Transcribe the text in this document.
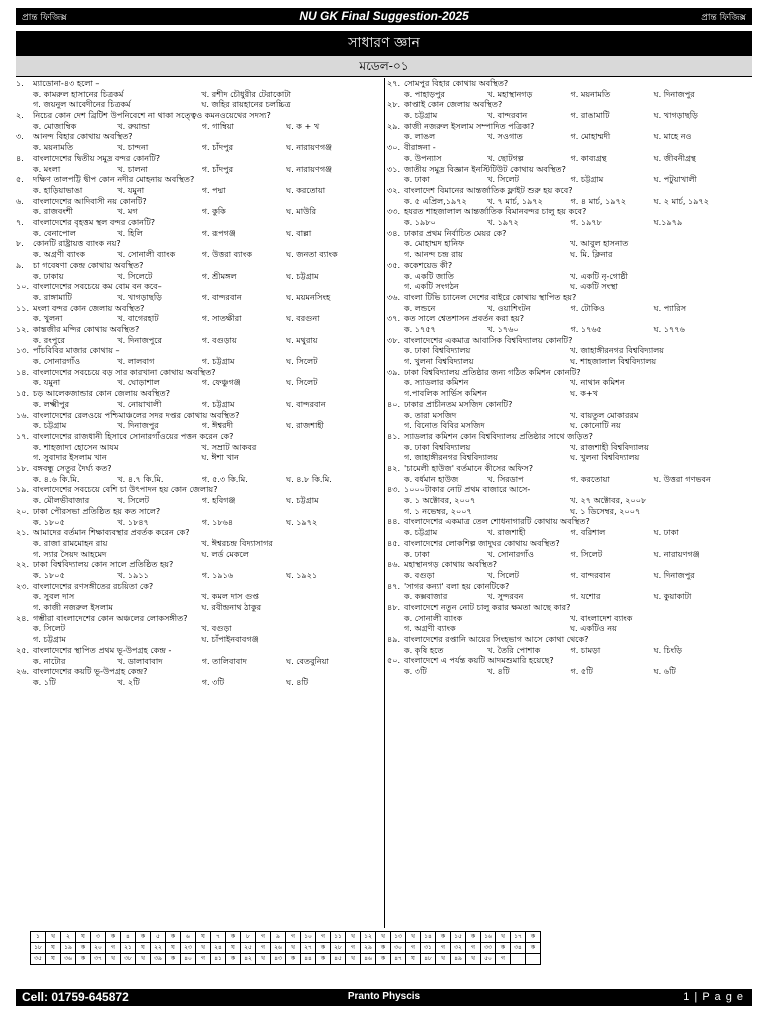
প্রান্ত ফিজিক্স	NU GK Final Suggestion-2025	প্রান্ত ফিজিক্স
সাধারণ জ্ঞান
মডেল-০১
১. ম্যাডোনা-৪৩ হলো –
ক. কামরুল হাসানের চিত্রকর্ম	খ. রশীদ চৌধুরীর টেরাকোটা
গ. জয়নুল আবেদীনের চিত্রকর্ম	ঘ. জহির রায়হানের চলচ্চিত্র
২. নিচের কোন দেশ ব্রিটিশ উপনিবেশে না থাকা সত্ত্বেও কমনওয়েথের সদস্য?
ক. মোজাম্বিক	খ. রুয়ান্ডা	গ. গাম্বিয়া	ঘ. ক + খ
৩. আনন্দ বিহার কোথায় অবস্থিত?
ক. ময়নামতি	খ. চান্দনা	গ. চাঁদপুর	ঘ. নারায়ণগঞ্জ
৪. বাংলাদেশের দ্বিতীয় সমুদ্র বন্দর কোনটি?
ক. মংলা	খ. চালনা	গ. চাঁদপুর	ঘ. নারায়ণগঞ্জ
৫. দক্ষিণ তালপট্টি দ্বীপ কোন নদীর মোহনায় অবস্থিত?
ক. হাড়িয়াভাঙা	খ. যমুনা	গ. পদ্মা	ঘ. করতোয়া
৬. বাংলাদেশের আদিবাসী নয় কোনটি?
ক. রাজবংশী	খ. মগ	গ. কুকি	ঘ. মাউরি
৭. বাংলাদেশের বৃহত্তম স্থল বন্দর কোনটি?
ক. বেনাপোল	খ. হিলি	গ. রূপগঞ্জ	ঘ. বাল্লা
৮. কোনটি রাষ্ট্রায়ত্ত ব্যাংক নয়?
ক. অগ্রণী ব্যাংক	খ. সোনালী ব্যাংক	গ. উত্তরা ব্যাংক	ঘ. জনতা ব্যাংক
৯. চা গবেষণা কেন্দ্র কোথায় অবস্থিত?
ক. ঢাকায়	খ. সিলেটে	গ. শ্রীমঙ্গল	ঘ. চট্টগ্রাম
১০. বাংলাদেশের সবচেয়ে কম বোম বন কবে–
ক. রাঙ্গামাটি	খ. খাগড়াছড়ি	গ. বান্দরবান	ঘ. ময়মনসিংহ
১১. মংলা বন্দর কোন জেলায় অবস্থিত?
ক. খুলনা	খ. বাগেরহাট	গ. সাতক্ষীরা	ঘ. বরগুনা
১২. কান্তজীর মন্দির কোথায় অবস্থিত?
ক. রংপুরে	খ. দিনাজপুরে	গ. বগুড়ায়	ঘ. মথুরায়
১৩. পাঁচবিবির মাজার কোথায় –
ক. সোনারগাঁও	খ. লালবাগ	গ. চট্টগ্রাম	ঘ. সিলেট
১৪. বাংলাদেশের সবচেয়ে বড় সার কারখানা কোথায় অবস্থিত?
ক. যমুনা	খ. ঘোড়াশাল	গ. ফেঞ্চুগঞ্জ	ঘ. সিলেট
১৫. চড় আলেকজান্ডার কোন জেলায় অবস্থিত?
ক. লক্ষ্মীপুর	খ. নোয়াখালী	গ. চট্টগ্রাম	ঘ. বান্দরবান
১৬. বাংলাদেশের রেলওয়ে পশ্চিমাঞ্চলের সদর দপ্তর কোথায় অবস্থিত?
ক. চট্টগ্রাম	খ. দিনাজপুর	গ. ঈশ্বরদী	ঘ. রাজশাহী
১৭. বাংলাদেশের রাজধানী হিসাবে সোনারগাঁওয়ের পত্তন করেন কে?
ক. শাহজাদা হোসেন আযম	খ. সম্রাট আকবর
গ. সুবাদার ইসলাম খান	ঘ. ঈশা খান
১৮. বঙ্গবন্ধু সেতুর দৈর্ঘ্য কত?
ক. ৪.৬ কি.মি.	খ. ৪.৭ কি.মি.	গ. ৫.৩ কি.মি.	ঘ. ৪.৮ কি.মি.
১৯. বাংলাদেশের সবচেয়ে বেশি চা উৎপাদন হয় কোন জেলায়?
ক. মৌলভীবাজার	খ. সিলেট	গ. হবিগঞ্জ	ঘ. চট্টগ্রাম
২০. ঢাকা পৌরসভা প্রতিষ্ঠিত হয় কত সালে?
ক. ১৮০৫	খ. ১৮৪৭	গ. ১৮৬৪	ঘ. ১৯৭২
২১. আমাদের বর্তমান শিক্ষাব্যবস্থার প্রবর্তক করেন কে?
ক. রাজা রামমোহন রায়	খ. ঈশ্বরচন্দ্র বিদ্যাসাগর
গ. স্যার সৈয়দ আহমেদ	ঘ. লর্ড মেকলে
২২. ঢাকা বিশ্ববিদ্যালয় কোন সালে প্রতিষ্ঠিত হয়?
ক. ১৮০৫	খ. ১৯১১	গ. ১৯১৬	ঘ. ১৯২১
২৩. বাংলাদেশের রণসঙ্গীতের রচয়িতা কে?
ক. সুবল দাস	খ. কমল দাস গুপ্ত
গ. কাজী নজরুল ইসলাম	ঘ. রবীন্দ্রনাথ ঠাকুর
২৪. গম্ভীরা বাংলাদেশের কোন অঞ্চলের লোকসঙ্গীত?
ক. সিলেট	খ. বগুড়া
গ. চট্টগ্রাম	ঘ. চাঁপাইনবাবগঞ্জ
২৫. বাংলাদেশের স্থাপিত প্রথম ভূ-উপগ্রহ কেন্দ্র -
ক. নাটোর	খ. ডালাবাবাদ	গ. তালিবাবাদ	ঘ. বেতবুনিয়া
২৬. বাংলাদেশের কয়টি ভূ-উপগ্রহ কেন্দ্র?
ক. ১টি	খ. ২টি	গ. ৩টি	ঘ. ৪টি
২৭. সোমপুর বিহার কোথায় অবস্থিত?
ক. পাহাড়পুর	খ. মহাস্থানগড়	গ. ময়নামতি	ঘ. দিনাজপুর
২৮. কাপ্তাই কোন জেলায় অবস্থিত?
ক. চট্টগ্রাম	খ. বান্দরবান	গ. রাঙামাটি	ঘ. খাগড়াছড়ি
২৯. কাজী নজরুল ইসলাম সম্পাদিত পত্রিকা?
ক. লাঙল	খ. সওগাত	গ. মোহাম্মদী	ঘ. মাহে নও
৩০. বীরাঙ্গনা -
ক. উপন্যাস	খ. ছোটগল্প	গ. কাব্যগ্রন্থ	ঘ. জীবনীগ্রন্থ
৩১. জাতীয় সমুদ্র বিজ্ঞান ইনস্টিটিউট কোথায় অবস্থিত?
ক. ঢাকা	খ. সিলেট	গ. চট্টগ্রাম	ঘ. পটুয়াখালী
৩২. বাংলাদেশ বিমানের আন্তর্জাতিক ফ্লাইট শুরু হয় কবে?
ক. ৫ এপ্রিল,১৯৭২	খ. ৭ মার্চ, ১৯৭২	গ. ৪ মার্চ, ১৯৭২	ঘ. ২ মার্চ, ১৯৭২
৩৩. হযরত শাহজালাল আন্তর্জাতিক বিমানবন্দর চালু হয় কবে?
ক. ১৯৮০	খ. ১৯৭২	গ. ১৯৭৮	ঘ.১৯৭৯
৩৪. ঢাকার প্রথম নির্বাচিত মেয়র কে?
ক. মোহাম্মদ হানিফ	খ. আবুল হাসনাত
গ. আনন্দ চন্দ্র রায়	ঘ. মি. ক্লিনার
৩৫. ককেশয়েড কী?
ক. একটি জাতি	খ. একটি নৃ-গোষ্ঠী
গ. একটি সংগঠন	ঘ. একটি সংস্থা
৩৬. বাংলা টিভি চ্যানেল দেশের বাইরে কোথায় স্থাপিত হয়?
ক. লন্ডনে	খ. ওয়াশিংটন	গ. টোকিও	ঘ. প্যারিস
৩৭. কত সালে শ্বেতশাসন প্রবর্তন করা হয়?
ক. ১৭৫৭	খ. ১৭৬০	গ. ১৭৬৫	ঘ. ১৭৭৬
৩৮. বাংলাদেশের একমাত্র আবাসিক বিশ্ববিদ্যালয় কোনটি?
ক. ঢাকা বিশ্ববিদ্যালয়	খ. জাহাঙ্গীরনগর বিশ্ববিদ্যালয়
গ. খুলনা বিশ্ববিদ্যালয়	ঘ. শাহজালাল বিশ্ববিদ্যালয়
৩৯. ঢাকা বিশ্ববিদ্যালয় প্রতিষ্ঠার জন্য গঠিত কমিশন কোনটি?
ক. স্যাডলার কমিশন	খ. নাথান কমিশন
গ.পাবলিক সার্ভিস কমিশন	ঘ. ক+খ
৪০. ঢাকার প্রাচীনতম মসজিদ কোনটি?
ক. তারা মসজিদ	খ. বায়তুল মোকাররম
গ. বিনোত বিবির মসজিদ	ঘ. কোনোটি নয়
৪১. স্যাডলার কমিশন কোন বিশ্ববিদ্যালয় প্রতিষ্ঠার সাথে জড়িত?
ক. ঢাকা বিশ্ববিদ্যালয়	খ. রাজশাহী বিশ্ববিদ্যালয়
গ. জাহাঙ্গীরনগর বিশ্ববিদ্যালয়	ঘ. খুলনা বিশ্ববিদ্যালয়
৪২. 'চামেলী হাউজ' বর্তমানে কীসের অফিস?
ক. বর্ধমান হাউজ	খ. সিরডাপ	গ. করতোয়া	ঘ. উত্তরা গণভবন
৪৩. ১০০০টাকার নোট প্রথম বাজারে আসে-
ক. ১ অক্টোবর, ২০০৭	খ. ২৭ অক্টোবর, ২০০৮
গ. ১ নভেম্বর, ২০০৭	ঘ. ১ ডিসেম্বর, ২০০৭
৪৪. বাংলাদেশের একমাত্র তেল শোধনাগারটি কোথায় অবস্থিত?
ক. চট্টগ্রাম	খ. রাজশাহী	গ. বরিশাল	ঘ. ঢাকা
৪৫. বাংলাদেশের লোকশিল্প জাদুঘর কোথায় অবস্থিত?
ক. ঢাকা	খ. সোনারগাঁও	গ. সিলেট	ঘ. নারায়ণগঞ্জ
৪৬. মহাস্থানগড় কোথায় অবস্থিত?
ক. বগুড়া	খ. সিলেট	গ. বান্দরবান	ঘ. দিনাজপুর
৪৭. 'সাগর কন্যা' বলা হয় কোনটিকে?
ক. কক্সবাজার	খ. সুন্দরবন	গ. যশোর	ঘ. কুয়াকাটা
৪৮. বাংলাদেশে নতুন নোট চালু করার ক্ষমতা আছে কার?
ক. সোনালী ব্যাংক	খ. বাংলাদেশ ব্যাংক
গ. অগ্রণী ব্যাংক	ঘ. একটিও নয়
৪৯. বাংলাদেশের রপ্তানি আয়ের সিংহভাগ আসে কোথা থেকে?
ক. কৃষি হতে	খ. তৈরি পোশাক	গ. চামড়া	ঘ. চিংড়ি
৫০. বাংলাদেশে এ পর্যন্ত কয়টি আদমশুমারি হয়েছে?
ক. ৩টি	খ. ৪টি	গ. ৫টি	ঘ. ৬টি
১	খ	২	ঘ	৩	ক	৪	ক	৫	ক	৬	ঘ	৭	ক	৮	গ	৯	গ	১০	গ	১১	খ	১২	খ	১৩	খ	১৪	ক	১৫	ক	১৬	খ	১৭	ক
১৮	ঘ	১৯	ক	২০	গ	২১	ঘ	২২	ঘ	২৩	খ	২৪	ঘ	২৫	গ	২৬	খ	২৭	ক	২৮	গ	২৯	ক	৩০	গ	৩১	গ	৩২	গ	৩৩	ক	৩৪	ক
৩৫	ঘ	৩৬	ক	৩৭	খ	৩৮	খ	৩৯	ক	৪০	গ	৪১	ক	৪২	খ	৪৩	ক	৪৪	ক	৪৫	খ	৪৬	ক	৪৭	ঘ	৪৮	খ	৪৯	খ	৫০	গ		
Cell: 01759-645872	Pranto Physcis	1 | P a g e
